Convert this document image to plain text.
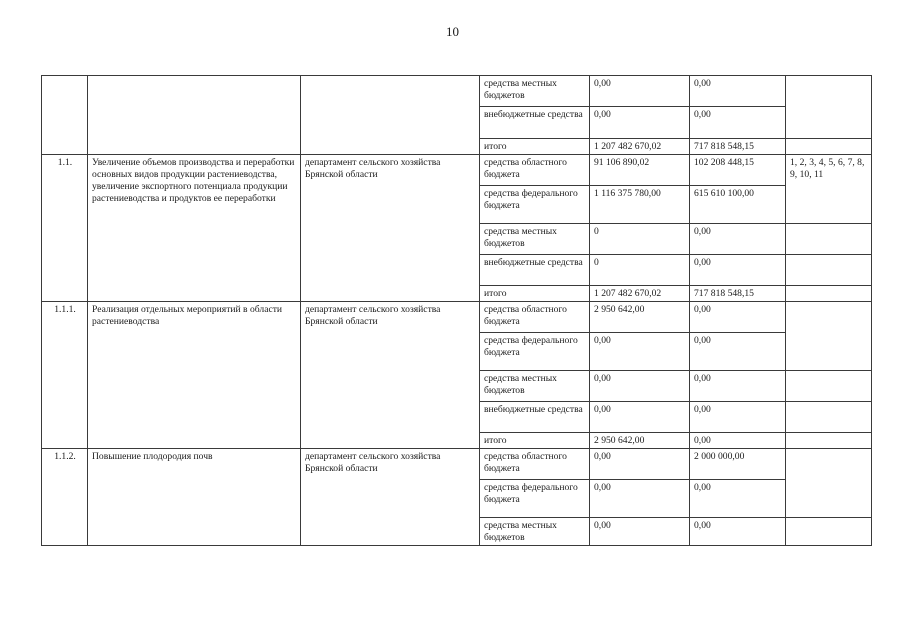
10
			средства местных бюджетов	0,00	0,00	
			внебюджетные средства	0,00	0,00	
			итого	1 207 482 670,02	717 818 548,15	
1.1.	Увеличение объемов производства и переработки основных видов продукции растениеводства, увеличение экспортного потенциала продукции растениеводства и продуктов ее переработки	департамент сельского хозяйства Брянской области	средства областного бюджета	91 106 890,02	102 208 448,15	1, 2, 3, 4, 5, 6, 7, 8, 9, 10, 11
			средства федерального бюджета	1 116 375 780,00	615 610 100,00	
			средства местных бюджетов	0	0,00	
			внебюджетные средства	0	0,00	
			итого	1 207 482 670,02	717 818 548,15	
1.1.1.	Реализация отдельных мероприятий в области растениеводства	департамент сельского хозяйства Брянской области	средства областного бюджета	2 950 642,00	0,00	
			средства федерального бюджета	0,00	0,00	
			средства местных бюджетов	0,00	0,00	
			внебюджетные средства	0,00	0,00	
			итого	2 950 642,00	0,00	
1.1.2.	Повышение плодородия почв	департамент сельского хозяйства Брянской области	средства областного бюджета	0,00	2 000 000,00	
			средства федерального бюджета	0,00	0,00	
			средства местных бюджетов	0,00	0,00	
